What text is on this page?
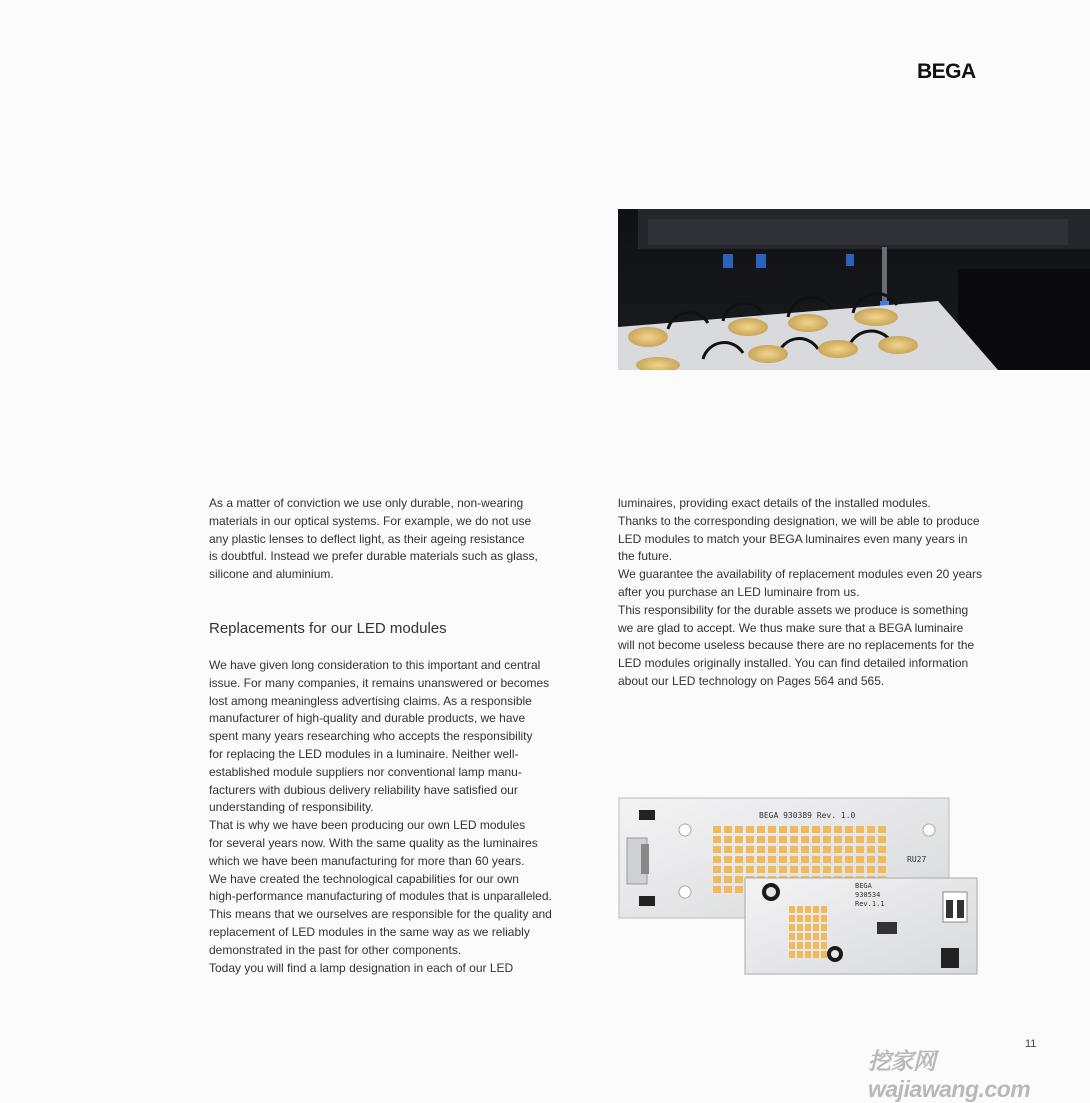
BEGA

As a matter of conviction we use only durable, non-wearing

materials in our optical systems. For example, we do not use

any plastic lenses to deflect light, as their ageing resistance

is doubtful. Instead we prefer durable materials such as glass,

silicone and aluminium.

Replacements for our LED modules

We have given long consideration to this important and central

issue. For many companies, it remains unanswered or becomes

lost among meaningless advertising claims. As a responsible

manufacturer of high-quality and durable products, we have

spent many years researching who accepts the responsibility

for replacing the LED modules in a luminaire. Neither well-

established module suppliers nor conventional lamp manu-

facturers with dubious delivery reliability have satisfied our

understanding of responsibility.

That is why we have been producing our own LED modules

for several years now. With the same quality as the luminaires

which we have been manufacturing for more than 60 years.

We have created the technological capabilities for our own

high-performance manufacturing of modules that is unparalleled.

This means that we ourselves are responsible for the quality and

replacement of LED modules in the same way as we reliably

demonstrated in the past for other components.

Today you will find a lamp designation in each of our LED

luminaires, providing exact details of the installed modules.

Thanks to the corresponding designation, we will be able to produce

LED modules to match your BEGA luminaires even many years in

the future.

We guarantee the availability of replacement modules even 20 years

after you purchase an LED luminaire from us.

This responsibility for the durable assets we produce is something

we are glad to accept. We thus make sure that a BEGA luminaire

will not become useless because there are no replacements for the

LED modules originally installed. You can find detailed information

about our LED technology on Pages 564 and 565.

BEGA 930389 Rev. 1.0
RU27
BEGA
930534
Rev.1.1
11
挖家网 wajiawang.com
